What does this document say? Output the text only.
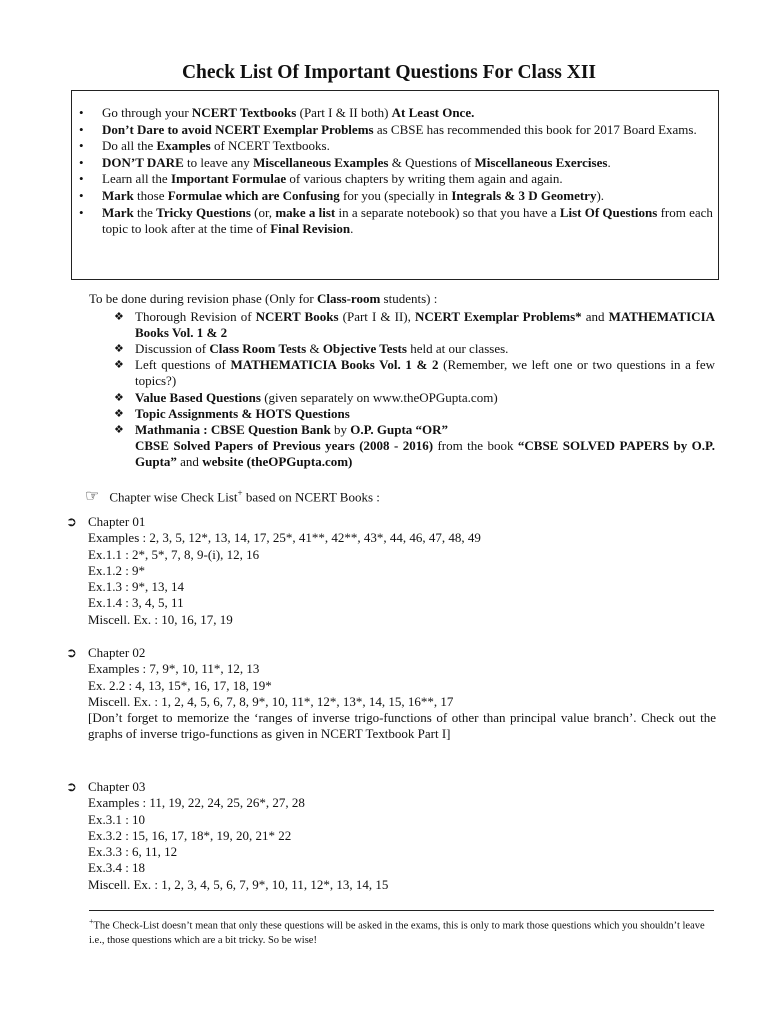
Check List Of Important Questions For Class XII
• Go through your NCERT Textbooks (Part I & II both) At Least Once.
• Don’t Dare to avoid NCERT Exemplar Problems as CBSE has recommended this book for 2017 Board Exams.
• Do all the Examples of NCERT Textbooks.
• DON’T DARE to leave any Miscellaneous Examples & Questions of Miscellaneous Exercises.
• Learn all the Important Formulae of various chapters by writing them again and again.
• Mark those Formulae which are Confusing for you (specially in Integrals & 3 D Geometry).
• Mark the Tricky Questions (or, make a list in a separate notebook) so that you have a List Of Questions from each topic to look after at the time of Final Revision.
To be done during revision phase (Only for Class-room students) :
❖ Thorough Revision of NCERT Books (Part I & II), NCERT Exemplar Problems* and MATHEMATICIA Books Vol. 1 & 2
❖ Discussion of Class Room Tests & Objective Tests held at our classes.
❖ Left questions of MATHEMATICIA Books Vol. 1 & 2 (Remember, we left one or two questions in a few topics?)
❖ Value Based Questions (given separately on www.theOPGupta.com)
❖ Topic Assignments & HOTS Questions
❖ Mathmania : CBSE Question Bank by O.P. Gupta “OR”
CBSE Solved Papers of Previous years (2008 - 2016) from the book “CBSE SOLVED PAPERS by O.P. Gupta” and website (theOPGupta.com)
☞ Chapter wise Check List+ based on NCERT Books :
➲ Chapter 01
Examples : 2, 3, 5, 12*, 13, 14, 17, 25*, 41**, 42**, 43*, 44, 46, 47, 48, 49
Ex.1.1 : 2*, 5*, 7, 8, 9-(i), 12, 16
Ex.1.2 : 9*
Ex.1.3 : 9*, 13, 14
Ex.1.4 : 3, 4, 5, 11
Miscell. Ex. : 10, 16, 17, 19
➲ Chapter 02
Examples : 7, 9*, 10, 11*, 12, 13
Ex. 2.2 : 4, 13, 15*, 16, 17, 18, 19*
Miscell. Ex. : 1, 2, 4, 5, 6, 7, 8, 9*, 10, 11*, 12*, 13*, 14, 15, 16**, 17
[Don’t forget to memorize the ‘ranges of inverse trigo-functions of other than principal value branch’. Check out the graphs of inverse trigo-functions as given in NCERT Textbook Part I]
➲ Chapter 03
Examples : 11, 19, 22, 24, 25, 26*, 27, 28
Ex.3.1 : 10
Ex.3.2 : 15, 16, 17, 18*, 19, 20, 21* 22
Ex.3.3 : 6, 11, 12
Ex.3.4 : 18
Miscell. Ex. : 1, 2, 3, 4, 5, 6, 7, 9*, 10, 11, 12*, 13, 14, 15
+The Check-List doesn’t mean that only these questions will be asked in the exams, this is only to mark those questions which you shouldn’t leave i.e., those questions which are a bit tricky. So be wise!
